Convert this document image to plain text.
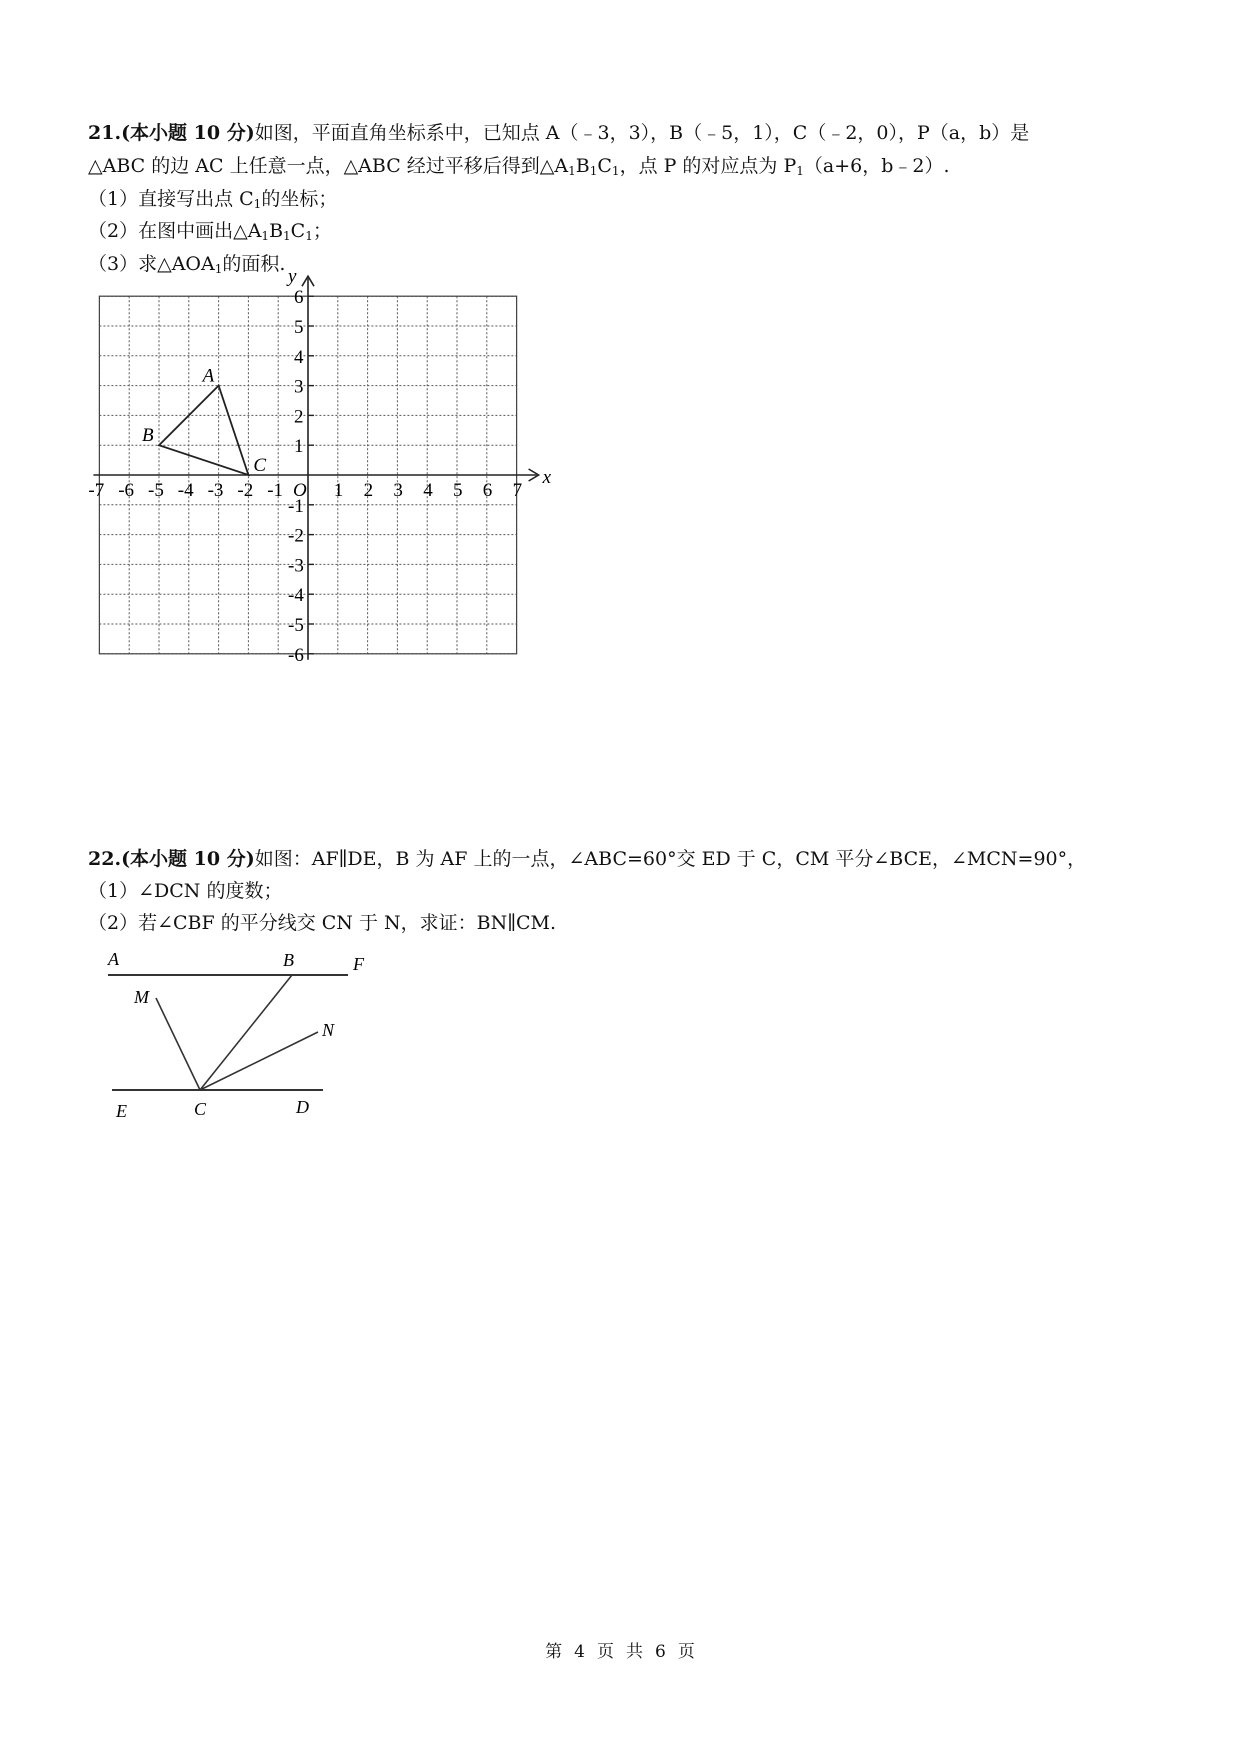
21.(本小题 10 分)如图，平面直角坐标系中，已知点 A（﹣3，3），B（﹣5，1），C（﹣2，0），P（a，b）是
△ABC 的边 AC 上任意一点，△ABC 经过平移后得到$\triangle A_1B_1C_1$，点 P 的对应点为 $P_1(a+6$，b﹣2）.
（1）直接写出点 $C_1$的坐标；
（2）在图中画出$\triangle A_1B_1C_1$；
（3）求$\triangle AOA_1$的面积.
x
y
A
B
C
-7 -6 -5 -4 -3 -2 -1	1 2 3 4 5 6 7
6
5
4
3
2
1
-1
-2
-3
-4
-5
-6
O
22.(本小题 10 分)如图：AF∥DE，B 为 AF 上的一点，∠ABC=60°交 ED 于 C，CM 平分∠BCE，∠MCN=90°，
（1）∠DCN 的度数；
（2）若∠CBF 的平分线交 CN 于 N，求证：BN∥CM.
A	B	F
M
N
E	C	D
第 4 页 共 6 页
